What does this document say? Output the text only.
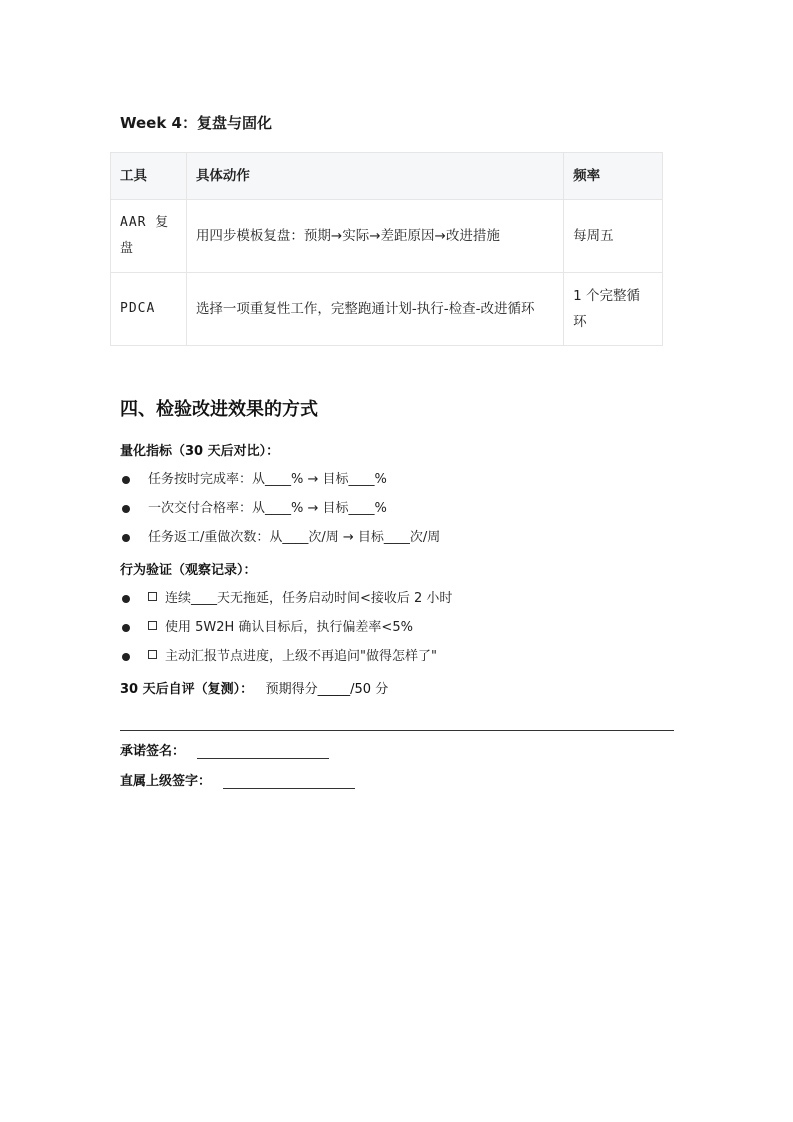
Week 4：复盘与固化
工具	具体动作	频率
AAR 复盘	用四步模板复盘：预期→实际→差距原因→改进措施	每周五
PDCA	选择一项重复性工作，完整跑通计划-执行-检查-改进循环	1 个完整循环
四、检验改进效果的方式
量化指标（30 天后对比）：
任务按时完成率：从____% → 目标____%
一次交付合格率：从____% → 目标____%
任务返工/重做次数：从____次/周 → 目标____次/周
行为验证（观察记录）：
连续____天无拖延，任务启动时间<接收后 2 小时
使用 5W2H 确认目标后，执行偏差率<5%
主动汇报节点进度，上级不再追问"做得怎样了"
30 天后自评（复测）： 预期得分_____/50 分
承诺签名：
直属上级签字：
